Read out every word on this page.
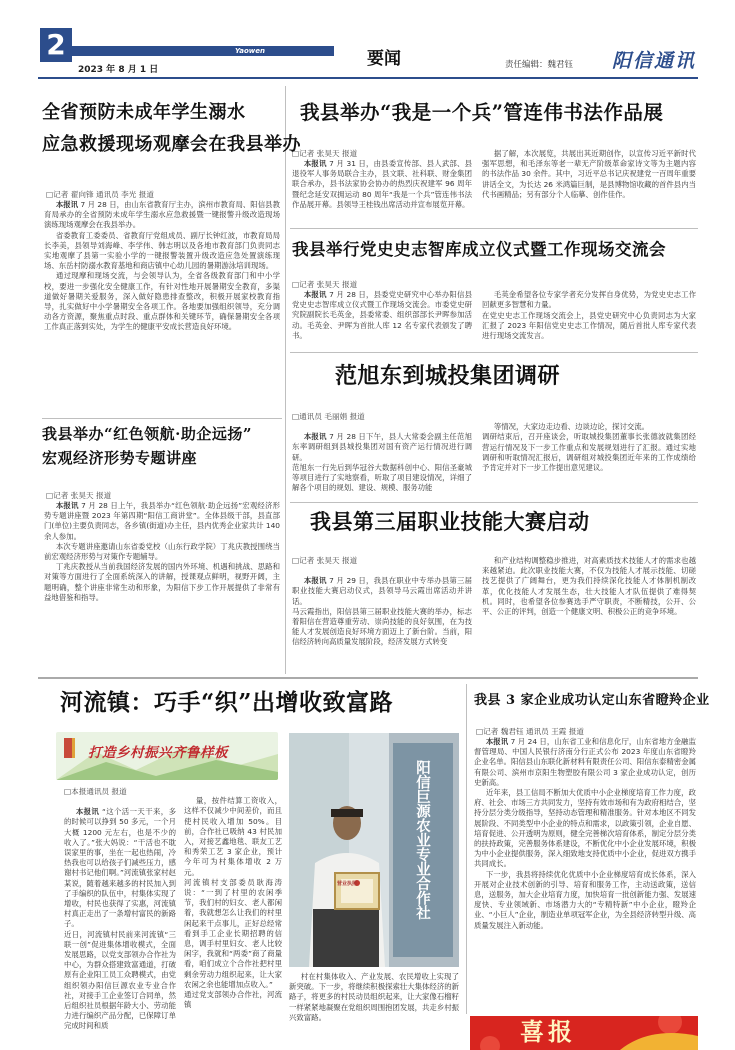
2	Yaowen
2023 年 8 月 1 日
要闻	责任编辑：魏君钰 阳信通讯
全省预防未成年学生溺水
应急救援现场观摩会在我县举办
□记者 翟向锋 通讯员 李光 报道

本报讯 7 月 28 日，由山东省教育厅主办，滨州市教育局、阳信县教育局承办的全省预防未成年学生溺水应急救援暨一键报警升级改造现场演练现场观摩会在我县举办。

省委教育工委委员、省教育厅党组成员、副厅长钟红波，市教育局局长李美，县领导刘海峰、李学伟、韩志明以及各地市教育部门负责同志实地观摩了县第一实验小学的一键报警装置升级改造应急处置演练现场、东岳村防溺水教育基地和商店镇中心幼儿园的暑期游泳培训现场。

通过现摩和现场交流，与会领导认为，全省各级教育部门和中小学校，要进一步强化安全健康工作，有针对性地开展暑期安全教育，多渠道做好暑期关爱服务，深入做好隐患排查整改，积极开展家校教育指导，扎实做好中小学暑期安全各项工作。各地要加强组织领导，充分调动各方资源，聚焦重点时段、重点群体和关键环节，确保暑期安全各项工作真正落到实处，为学生的健康平安成长营造良好环境。

我县举办“红色领航·助企远扬”
宏观经济形势专题讲座
□记者 张昊天 报道

本报讯 7 月 28 日上午，我县举办“红色领航·助企远扬”宏观经济形势专题讲座暨 2023 年第四期“阳信工商讲堂”。全体县级干部，县直部门(单位)主要负责同志，各乡镇(街道)办主任，县内优秀企业家共计 140 余人参加。

本次专题讲座邀请山东省委党校（山东行政学院）丁兆庆教授围绕当前宏观经济形势与对策作专题辅导。

丁兆庆教授从当前我国经济发展的国内外环境、机遇和挑战、思路和对策等方面进行了全面系统深入的讲解，授课观点鲜明，视野开阔，主题明确，整个讲座非常生动和形象，为阳信下步工作开展提供了非常有益地借鉴和指导。

我县举办“我是一个兵”管连伟书法作品展
□记者 张昊天 报道

本报讯 7 月 31 日，由县委宣传部、县人武部、县退役军人事务局联合主办，县文联、社科联、财金集团联合承办，县书法家协会协办的热烈庆祝建军 96 周年暨纪念延安双拥运动 80 周年“我是一个兵”管连伟书法作品展开幕。县领导王桂钱出席活动并宣布展览开幕。

据了解，本次展览，共展出其近期创作，以宣传习近平新时代强军思想，和毛泽东等老一辈无产阶级革命家诗文等为主题内容的书法作品 30 余件。其中，习近平总书记庆祝建党一百周年重要讲话全文，为长达 26 米鸿篇巨制，是县博物馆收藏的首件县内当代书画精品；另有部分个人临摹、创作佳作。

我县举行党史史志智库成立仪式暨工作现场交流会
□记者 张昊天 报道

本报讯 7 月 28 日，县委党史研究中心举办阳信县党史史志智库成立仪式暨工作现场交流会。市委党史研究院副院长毛英金，县委常委、组织部部长尹晖参加活动。毛英金、尹晖为首批人库 12 名专家代表颁发了聘书。

毛英金希望各位专家学者充分发挥自身优势，为党史史志工作回献更多智慧和力量。
在党史史志工作现场交流会上，县党史研究中心负责同志为大家汇报了 2023 年阳信党史史志工作情况，随后首批人库专家代表进行现场交流发言。

范旭东到城投集团调研
□通讯员 毛丽娟 报道

本报讯 7 月 28 日下午，县人大常委会副主任范旭东率调研组到县城投集团对国有资产运行情况进行调研。
范旭东一行先后到华冠谷大数据科创中心、阳信圣豪城等项目进行了实地察看，听取了项目建设情况，详细了解各个项目的规划、建设、规模、服务功能

等情况，大家边走边看、边谈边论，探讨交流。
调研结束后，召开座谈会，听取城投集团董事长张德波就集团经营运行情况及下一步工作重点和发展规划进行了汇报。通过实地调研和听取情况汇报后，调研组对城投集团近年来的工作成绩给予肯定并对下一步工作提出意见建议。

我县第三届职业技能大赛启动
□记者 张昊天 报道

本报讯 7 月 29 日，我县在职业中专举办县第三届职业技能大赛启动仪式，县领导马云霞出席活动并讲话。
马云霞指出，阳信县第三届职业技能大赛的举办，标志着阳信在营造尊重劳动、崇尚技能的良好氛围，在为技能人才发展创造良好环境方面迈上了新台阶。当前，阳信经济转向高质量发展阶段，经济发展方式转变

和产业结构调整稳步推进，对高素质技术技能人才的需求也越来越紧迫。此次职业技能大赛，不仅为技能人才展示技能、切磋技艺提供了广阔舞台，更为我们持续深化技能人才体制机制改革，优化技能人才发展生态，壮大技能人才队伍提供了难得契机。同时，也希望各位参赛选手严守职责，不断精技，公开、公平、公正的评判，创造一个健康文明、积极公正的竞争环境。

河流镇：巧手“织”出增收致富路
打造乡村振兴齐鲁样板
□本报通讯员 报道

本报讯 “这个活一天干来，多的时候可以挣到 50 多元，一个月大概 1200 元左右，也是不少的收入了。”张大妈说：“干活也不耽误家里的事，坐在一起也热闹，冷热我也可以给孩子们减些压力，感谢村书记他们啊。”河流镇张家村赵某说，随着越来越多的村民加入到了手编织的队伍中，村集体实现了增收，村民也获得了实惠，河流镇村真正走出了一条增村富民的新路子。
近日，河流镇村民前来河流镇“三联一创”促进集体增收模式，全面发展思路，以党支部领办合作社为中心，为群众搭建致富通道，打破原有企业阳工员工众聘模式，由党组织领办阳信巨源农业专业合作社，对接手工企业签订合同单，然后组织社员根据年龄大小、劳动能力进行编织产品分配，已保障订单完成时间和质

量，按件结算工资收入，这样不仅减少中间差价，而且使村民收入增加 50%。目前，合作社已吸纳 43 村民加入，对接艺鑫地毯、联友工艺和秀荣工艺 3 家企业，预计今年可为村集体增收 2 万元。
河流镇村支部委员耿海涛说：“一到了村里的农闲季节，我们村的妇女、老人都闲着，我就想怎么让我们的村里闲起来干点事儿，正好总经常看到手工企业长期招聘的信息，调手村里妇女、老人比较闲字，我就和“两委”商了商量看，咱们成立个合作社把村里剩余劳动力组织起来，让大家农闲之余也能增加点收入。”
通过党支部领办合作社，河流镇

阳信巨源农业专业合作社
营业执照

村在村集体收入、产业发展、农民增收上实现了新突破。下一步，将继续积极探索壮大集体经济的新路子，将更多的村民动员组织起来，让大家像石榴籽一样紧紧地凝聚在党组织周围抱团发展，共走乡村振兴致富路。

我县 3 家企业成功认定山东省瞪羚企业
□记者 魏君钰 通讯员 王霞 报道

本报讯 7 月 24 日，山东省工业和信息化厅，山东省地方金融监督管理局、中国人民银行济南分行正式公布 2023 年度山东省瞪羚企业名单。阳信县山东联化新材料有限责任公司、阳信东泰精密金属有限公司、滨州市京阳生物塑胶有限公司 3 家企业成功认定，创历史新高。

近年来，县工信局不断加大优质中小企业梯度培育工作力度，政府、社会、市场三方共同发力，坚持有效市场和有为政府相结合，坚持分层分类分级指导，坚持动态管理和精准服务。针对本地区不同发展阶段、不同类型中小企业的特点和需求，以政策引领，企业自愿、培育促进、公开透明为原则，健全完善梯次培育体系，制定分层分类的扶持政策，完善服务体系建设，不断优化中小企业发展环境，积极为中小企业提供服务，深入细致地支持优质中小企业，促进双方携手共同成长。

下一步，我县将持续优化优质中小企业梯度培育成长体系，深入开展对企业技术创新的引导、培育和服务工作，主动送政策，送信息，送服务，加大企业培育力度，加快培育一批创新能力强、发展速度快、专业领域新、市场潜力大的“专精特新”中小企业，瞪羚企业、“小巨人”企业，制造业单项冠军企业，为全县经济转型升级、高质量发展注入新动能。

喜报
